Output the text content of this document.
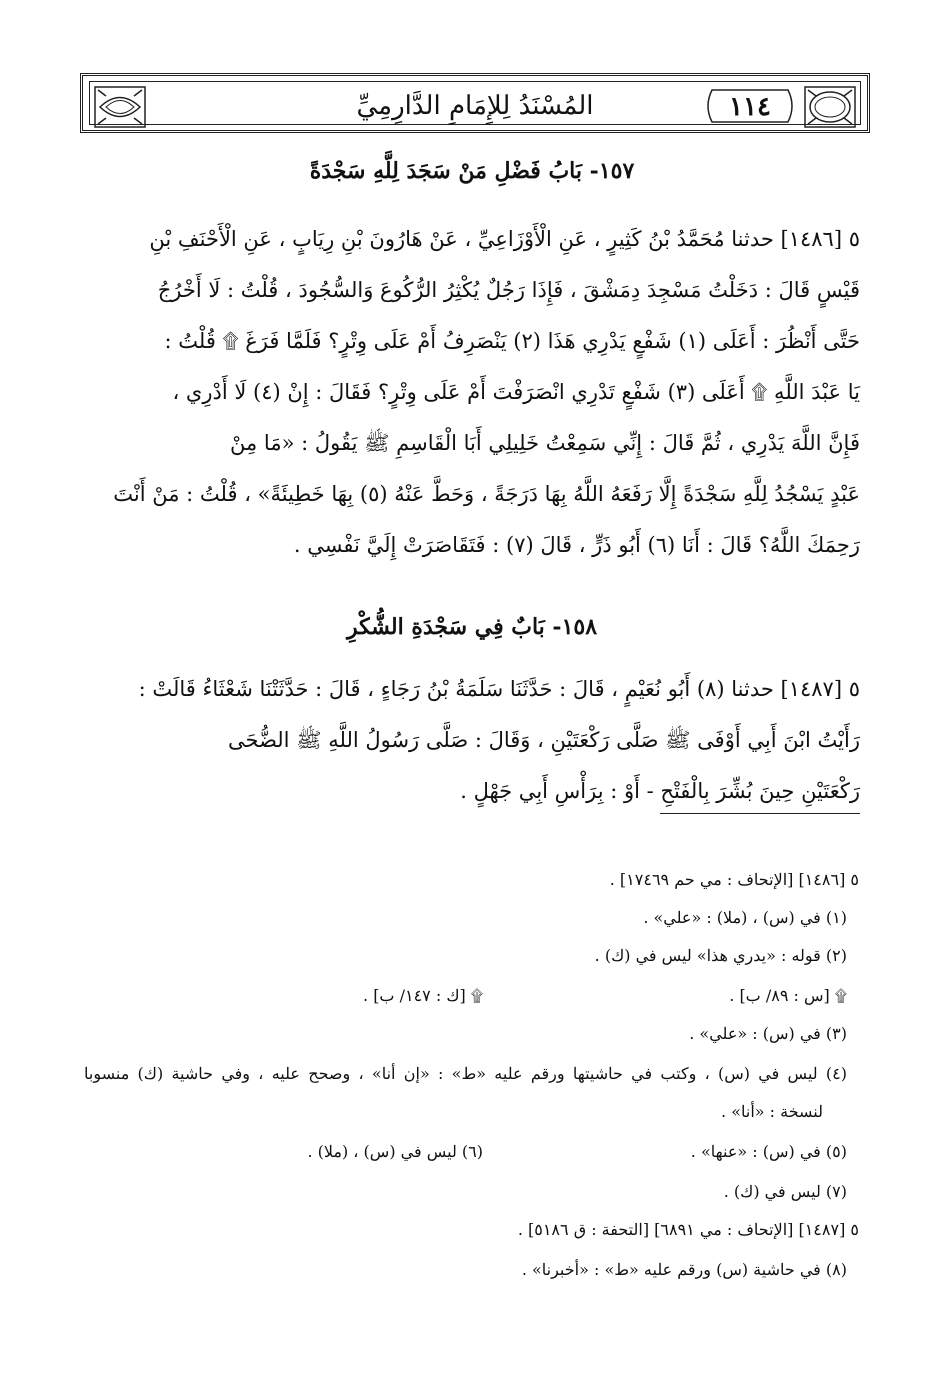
١١٤
المُسْنَدُ لِلإِمَامِ الدَّارِمِيِّ
١٥٧- بَابُ فَضْلِ مَنْ سَجَدَ لِلَّهِ سَجْدَةً
٥ [١٤٨٦] حدثنا مُحَمَّدُ بْنُ كَثِيرٍ ، عَنِ الْأَوْزَاعِيِّ ، عَنْ هَارُونَ بْنِ رِيَابٍ ، عَنِ الْأَحْنَفِ بْنِ
قَيْسٍ قَالَ : دَخَلْتُ مَسْجِدَ دِمَشْقَ ، فَإِذَا رَجُلٌ يُكْثِرُ الرُّكُوعَ وَالسُّجُودَ ، قُلْتُ : لَا أَخْرُجُ
حَتَّى أَنْظُرَ : أَعَلَى (١) شَفْعٍ يَدْرِي هَذَا (٢) يَنْصَرِفُ أَمْ عَلَى وِتْرٍ؟ فَلَمَّا فَرَغَ ۩ قُلْتُ :
يَا عَبْدَ اللَّهِ ۩ أَعَلَى (٣) شَفْعٍ تَدْرِي انْصَرَفْتَ أَمْ عَلَى وِتْرٍ؟ فَقَالَ : إِنْ (٤) لَا أَدْرِي ،
فَإِنَّ اللَّهَ يَدْرِي ، ثُمَّ قَالَ : إِنِّي سَمِعْتُ خَلِيلِي أَبَا الْقَاسِمِ ﷺ يَقُولُ : «مَا مِنْ
عَبْدٍ يَسْجُدُ لِلَّهِ سَجْدَةً إِلَّا رَفَعَهُ اللَّهُ بِهَا دَرَجَةً ، وَحَطَّ عَنْهُ (٥) بِهَا خَطِيئَةً» ، قُلْتُ : مَنْ أَنْتَ
رَحِمَكَ اللَّهُ؟ قَالَ : أَنَا (٦) أَبُو ذَرٍّ ، قَالَ (٧) : فَتَقَاصَرَتْ إِلَيَّ نَفْسِي .
١٥٨- بَابٌ فِي سَجْدَةِ الشُّكْرِ
٥ [١٤٨٧] حدثنا (٨) أَبُو نُعَيْمٍ ، قَالَ : حَدَّثَنَا سَلَمَةُ بْنُ رَجَاءٍ ، قَالَ : حَدَّثَتْنَا شَعْثَاءُ قَالَتْ :
رَأَيْتُ ابْنَ أَبِي أَوْفَى ﷺ صَلَّى رَكْعَتَيْنِ ، وَقَالَ : صَلَّى رَسُولُ اللَّهِ ﷺ الضُّحَى
رَكْعَتَيْنِ حِينَ بُشِّرَ بِالْفَتْحِ - أَوْ : بِرَأْسِ أَبِي جَهْلٍ .
٥ [١٤٨٦] [الإتحاف : مي حم ١٧٤٦٩] .
(١) في (س) ، (ملا) : «علي» .
(٢) قوله : «يدري هذا» ليس في (ك) .
۩ [س : ٨٩/ ب] .
۩ [ك : ١٤٧/ ب] .
(٣) في (س) : «علي» .
(٤) ليس في (س) ، وكتب في حاشيتها ورقم عليه «ط» : «إن أنا» ، وصحح عليه ، وفي حاشية (ك) منسوبا
لنسخة : «أنا» .
(٥) في (س) : «عنها» .
(٦) ليس في (س) ، (ملا) .
(٧) ليس في (ك) .
٥ [١٤٨٧] [الإتحاف : مي ٦٨٩١] [التحفة : ق ٥١٨٦] .
(٨) في حاشية (س) ورقم عليه «ط» : «أخبرنا» .
